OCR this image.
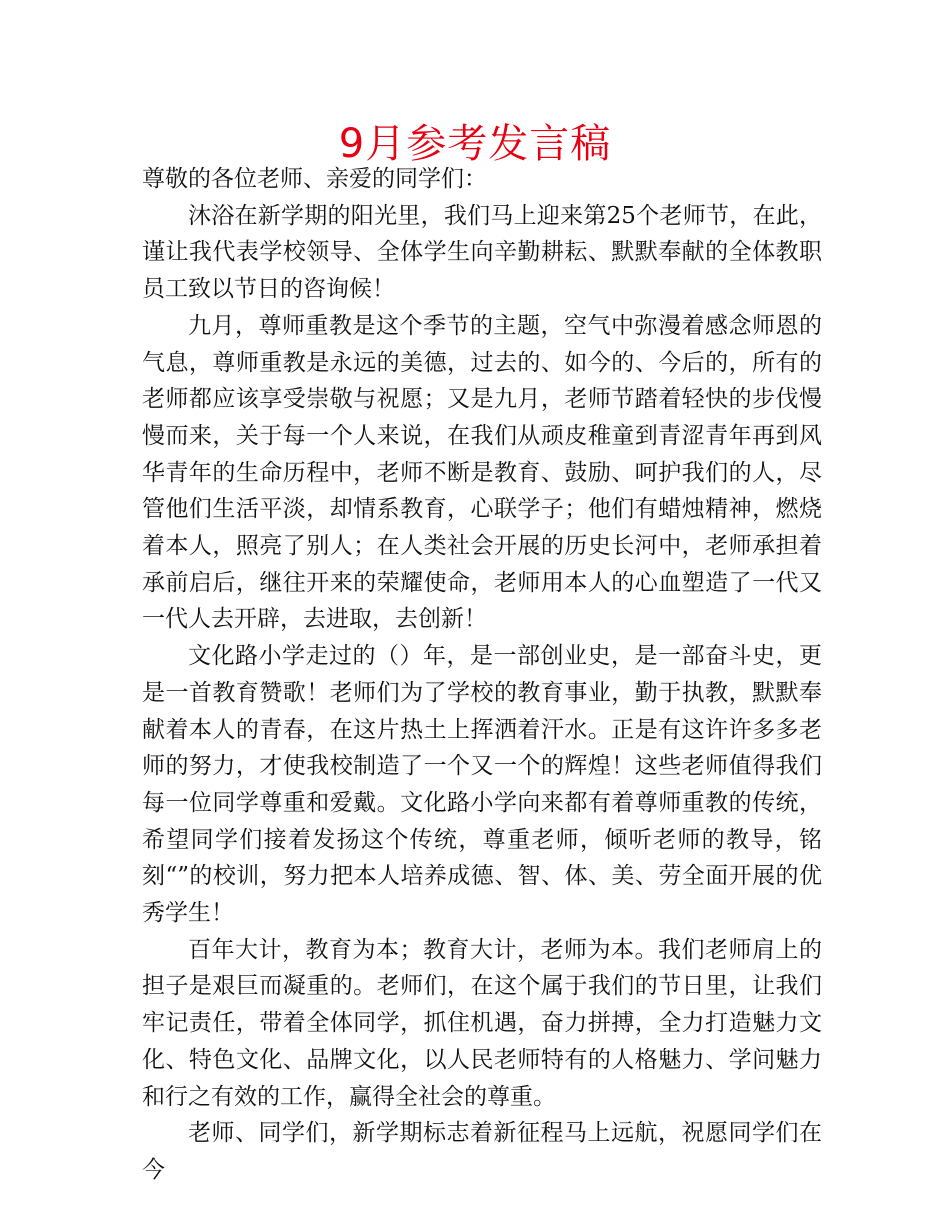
9月参考发言稿

尊敬的各位老师、亲爱的同学们：

沐浴在新学期的阳光里，我们马上迎来第25个老师节，在此，谨让我代表学校领导、全体学生向辛勤耕耘、默默奉献的全体教职员工致以节日的咨询候！

九月，尊师重教是这个季节的主题，空气中弥漫着感念师恩的气息，尊师重教是永远的美德，过去的、如今的、今后的，所有的老师都应该享受崇敬与祝愿；又是九月，老师节踏着轻快的步伐慢慢而来，关于每一个人来说，在我们从顽皮稚童到青涩青年再到风华青年的生命历程中，老师不断是教育、鼓励、呵护我们的人，尽管他们生活平淡，却情系教育，心联学子；他们有蜡烛精神，燃烧着本人，照亮了别人；在人类社会开展的历史长河中，老师承担着承前启后，继往开来的荣耀使命，老师用本人的心血塑造了一代又一代人去开辟，去进取，去创新！

文化路小学走过的（）年，是一部创业史，是一部奋斗史，更是一首教育赞歌！老师们为了学校的教育事业，勤于执教，默默奉献着本人的青春，在这片热土上挥洒着汗水。正是有这许许多多老师的努力，才使我校制造了一个又一个的辉煌！这些老师值得我们每一位同学尊重和爱戴。文化路小学向来都有着尊师重教的传统，希望同学们接着发扬这个传统，尊重老师，倾听老师的教导，铭刻“”的校训，努力把本人培养成德、智、体、美、劳全面开展的优秀学生！

百年大计，教育为本；教育大计，老师为本。我们老师肩上的担子是艰巨而凝重的。老师们，在这个属于我们的节日里，让我们牢记责任，带着全体同学，抓住机遇，奋力拼搏，全力打造魅力文化、特色文化、品牌文化，以人民老师特有的人格魅力、学问魅力和行之有效的工作，赢得全社会的尊重。

老师、同学们，新学期标志着新征程马上远航，祝愿同学们在今
